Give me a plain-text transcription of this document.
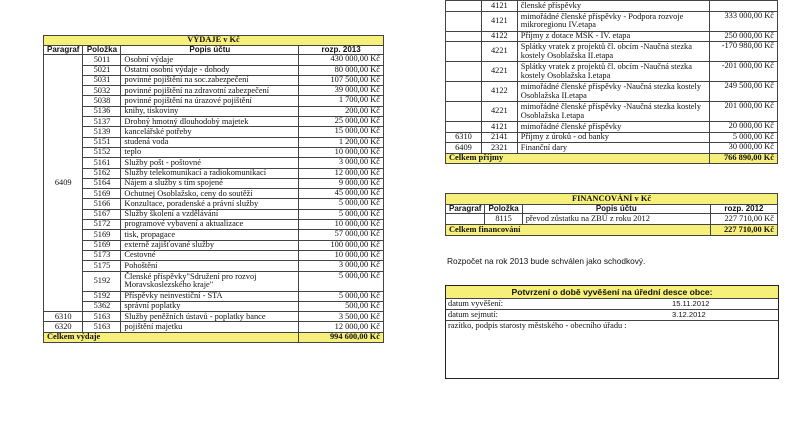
VÝDAJE v Kč			
Paragraf	Položka	Popis účtu	rozp. 2013
6409	5011	Osobní výdaje	430 000,00 Kč
	5021	Ostatní osobní výdaje - dohody	80 000,00 Kč
	5031	povinné pojištění na soc.zabezpečení	107 500,00 Kč
	5032	povinné pojištění na zdravotní zabezpečení	39 000,00 Kč
	5038	povinné pojištění na úrazové pojištění	1 700,00 Kč
	5136	knihy, tiskoviny	200,00 Kč
	5137	Drobný hmotný dlouhodobý majetek	25 000,00 Kč
	5139	kancelářské potřeby	15 000,00 Kč
	5151	studená voda	1 200,00 Kč
	5152	teplo	10 000,00 Kč
	5161	Služby pošt - poštovné	3 000,00 Kč
	5162	Služby telekomunikací a radiokomunikací	12 000,00 Kč
	5164	Nájem a služby s tím spojené	9 000,00 Kč
	5169	Ochutnej Osoblažsko, ceny do soutěží	45 000,00 Kč
	5166	Konzultace, poradenské a právní služby	5 000,00 Kč
	5167	Služby školení a vzdělávání	5 000,00 Kč
	5172	programové vybavení a aktualizace	10 000,00 Kč
	5169	tisk, propagace	57 000,00 Kč
	5169	externě zajišťované služby	100 000,00 Kč
	5173	Cestovné	10 000,00 Kč
	5175	Pohoštění	3 000,00 Kč
	5192	Členské příspěvky"Sdružení pro rozvoj Moravskoslezského kraje"	5 000,00 Kč
	5192	Příspěvky neinvestiční - STA	5 000,00 Kč
	5362	správní poplatky	500,00 Kč
6310	5163	Služby peněžních ústavů - poplatky bance	3 500,00 Kč
6320	5163	pojištění majetku	12 000,00 Kč
Celkem výdaje			994 600,00 Kč
	4121	členské příspěvky	
	4121	mimořádné členské příspěvky - Podpora rozvoje mikroregionu IV.etapa	333 000,00 Kč
	4122	Příjmy z dotace MSK - IV. etapa	250 000,00 Kč
	4221	Splátky vratek z projektů čl. obcím -Naučná stezka kostely Osoblažska II.etapa	-170 980,00 Kč
	4221	Splátky vratek z projektů čl. obcím -Naučná stezka kostely Osoblažska I.etapa	-201 000,00 Kč
	4122	mimořádné členské příspěvky -Naučná stezka kostely Osoblažska II.etapa	249 500,00 Kč
	4221	mimořádné členské příspěvky -Naučná stezka kostely Osoblažska I.etapa	201 000,00 Kč
	4121	mimořádné členské příspěvky	20 000,00 Kč
6310	2141	Příjmy z úroků - od banky	5 000,00 Kč
6409	2321	Finanční dary	30 000,00 Kč
Celkem příjmy			766 890,00 Kč
FINANCOVÁNÍ v Kč			
Paragraf	Položka	Popis účtu	rozp. 2012
	8115	převod zůstatku na ZBÚ z roku 2012	227 710,00 Kč
Celkem financování			227 710,00 Kč
Rozpočet na rok 2013 bude schválen jako schodkový.
Potvrzení o době vyvěšení na úřední desce obce:
datum vyvěšení:	15.11.2012
datum sejmutí:	3.12.2012
razítko, podpis starosty městského - obecního úřadu :
